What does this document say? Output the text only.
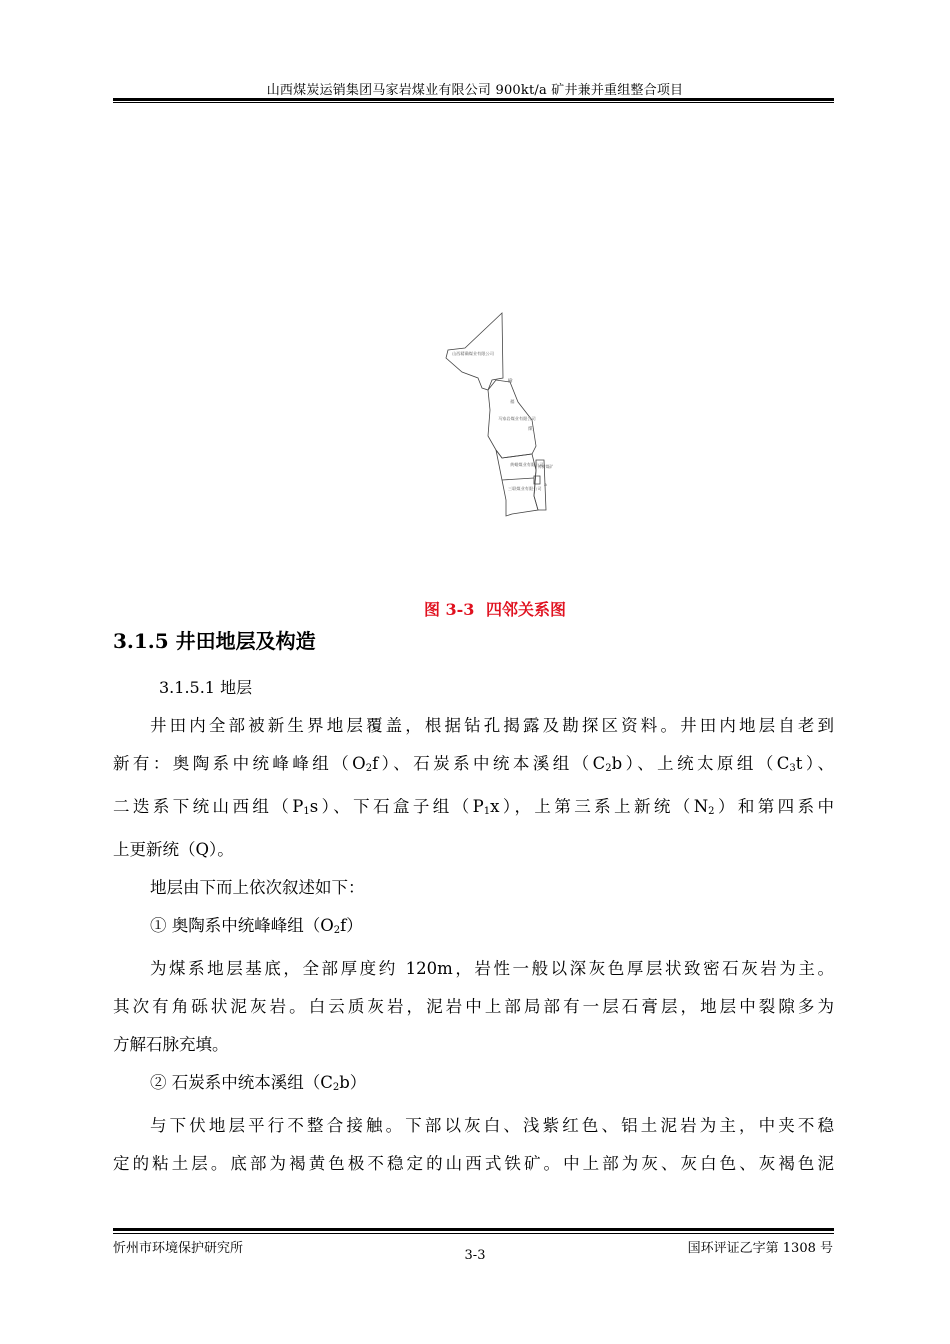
山西煤炭运销集团马家岩煤业有限公司 900kt/a 矿井兼并重组整合项目
山西精确煤业有限公司
马家岩煤业有限公司
黄蜡煤业有限公司
三联煤业有限公司
榆
福
煤
a
神树煤矿
图 3-3 四邻关系图
3.1.5 井田地层及构造
3.1.5.1 地层
井田内全部被新生界地层覆盖，根据钻孔揭露及勘探区资料。井田内地层自老到
新有：奥陶系中统峰峰组$(O_2f)$、石炭系中统本溪组$(C_2b)$、上统太原组$(C_3t)$、
二迭系下统山西组$(P_1s)$、下石盒子组$(P_1x)$，上第三系上新统$(N_2)$和第四系中
上更新统（Q）。
地层由下而上依次叙述如下：
① 奥陶系中统峰峰组$(O_2f)$
为煤系地层基底，全部厚度约 120m，岩性一般以深灰色厚层状致密石灰岩为主。
其次有角砾状泥灰岩。白云质灰岩，泥岩中上部局部有一层石膏层，地层中裂隙多为
方解石脉充填。
② 石炭系中统本溪组$(C_2b)$
与下伏地层平行不整合接触。下部以灰白、浅紫红色、铝土泥岩为主，中夹不稳
定的粘土层。底部为褐黄色极不稳定的山西式铁矿。中上部为灰、灰白色、灰褐色泥
忻州市环境保护研究所	国环评证乙字第 1308 号
3-3
